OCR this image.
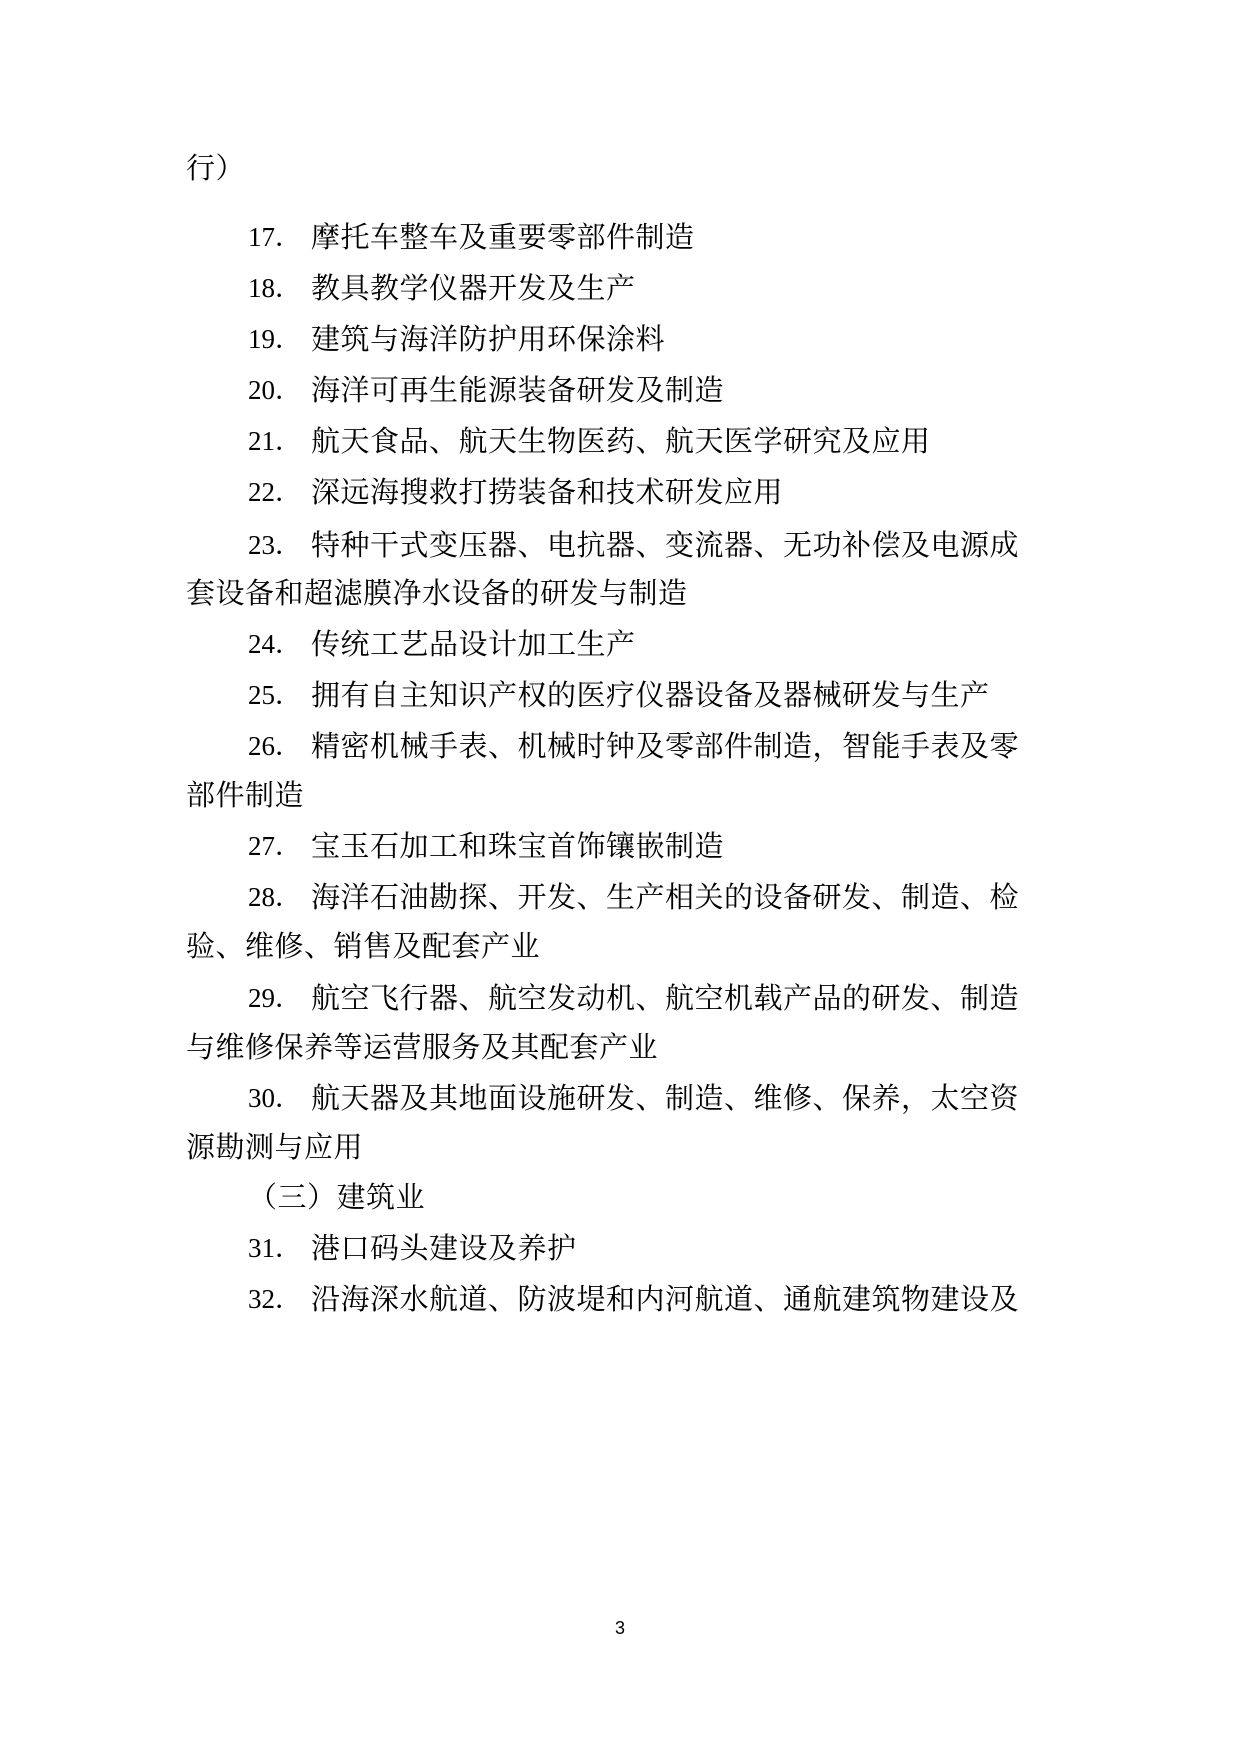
行）
17． 摩托车整车及重要零部件制造
18． 教具教学仪器开发及生产
19． 建筑与海洋防护用环保涂料
20． 海洋可再生能源装备研发及制造
21． 航天食品、航天生物医药、航天医学研究及应用
22． 深远海搜救打捞装备和技术研发应用
23． 特种干式变压器、电抗器、变流器、无功补偿及电源成
套设备和超滤膜净水设备的研发与制造
24． 传统工艺品设计加工生产
25． 拥有自主知识产权的医疗仪器设备及器械研发与生产
26． 精密机械手表、机械时钟及零部件制造，智能手表及零
部件制造
27． 宝玉石加工和珠宝首饰镶嵌制造
28． 海洋石油勘探、开发、生产相关的设备研发、制造、检
验、维修、销售及配套产业
29． 航空飞行器、航空发动机、航空机载产品的研发、制造
与维修保养等运营服务及其配套产业
30． 航天器及其地面设施研发、制造、维修、保养，太空资
源勘测与应用
（三）建筑业
31． 港口码头建设及养护
32． 沿海深水航道、防波堤和内河航道、通航建筑物建设及
3
